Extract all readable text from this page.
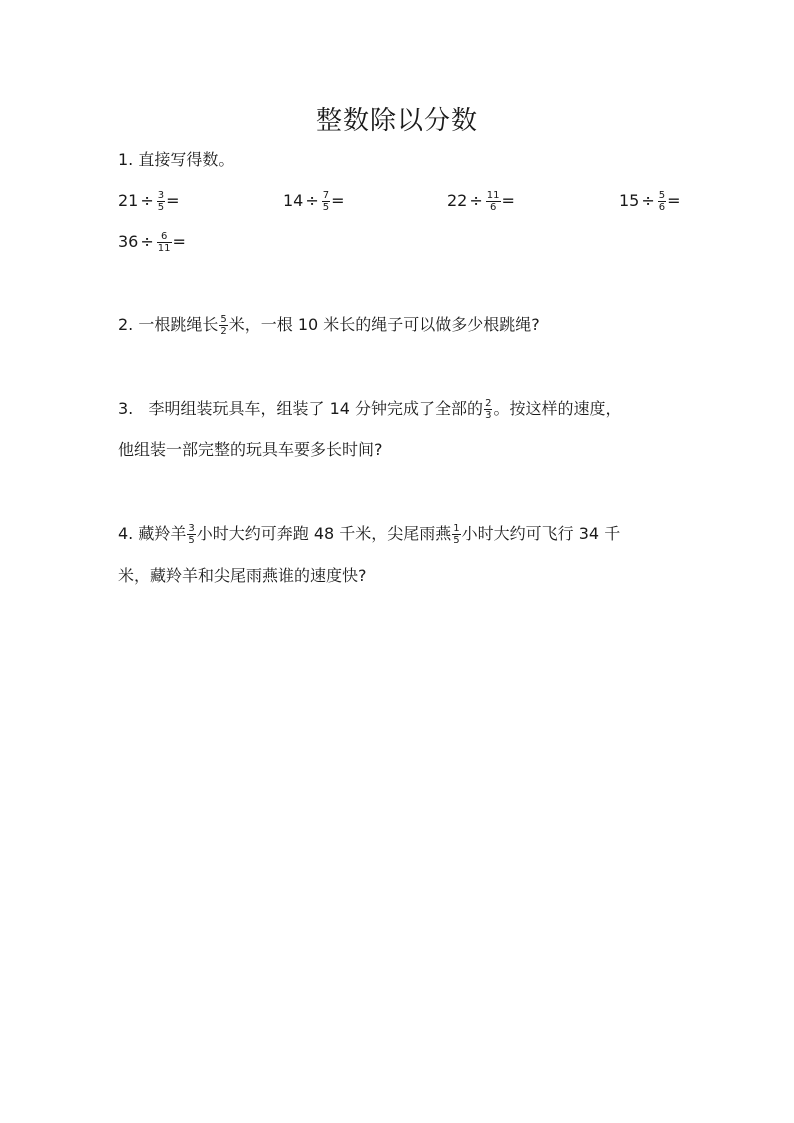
整数除以分数
1. 直接写得数。
$21 \div \frac{3}{5}$ =	$14 \div \frac{7}{5}$ =	$22 \div \frac{11}{6}$ =	$15 \div \frac{5}{6}$ =
$36 \div \frac{6}{11}$ =
2. 一根跳绳长 $\frac{5}{2}$ 米，一根 10 米长的绳子可以做多少根跳绳?
3.   李明组装玩具车，组装了 14 分钟完成了全部的 $\frac{2}{3}$ 。按这样的速度，
他组装一部完整的玩具车要多长时间?
4. 藏羚羊 $\frac{3}{5}$ 小时大约可奔跑 48 千米，尖尾雨燕 $\frac{1}{5}$ 小时大约可飞行 34 千
米，藏羚羊和尖尾雨燕谁的速度快?
